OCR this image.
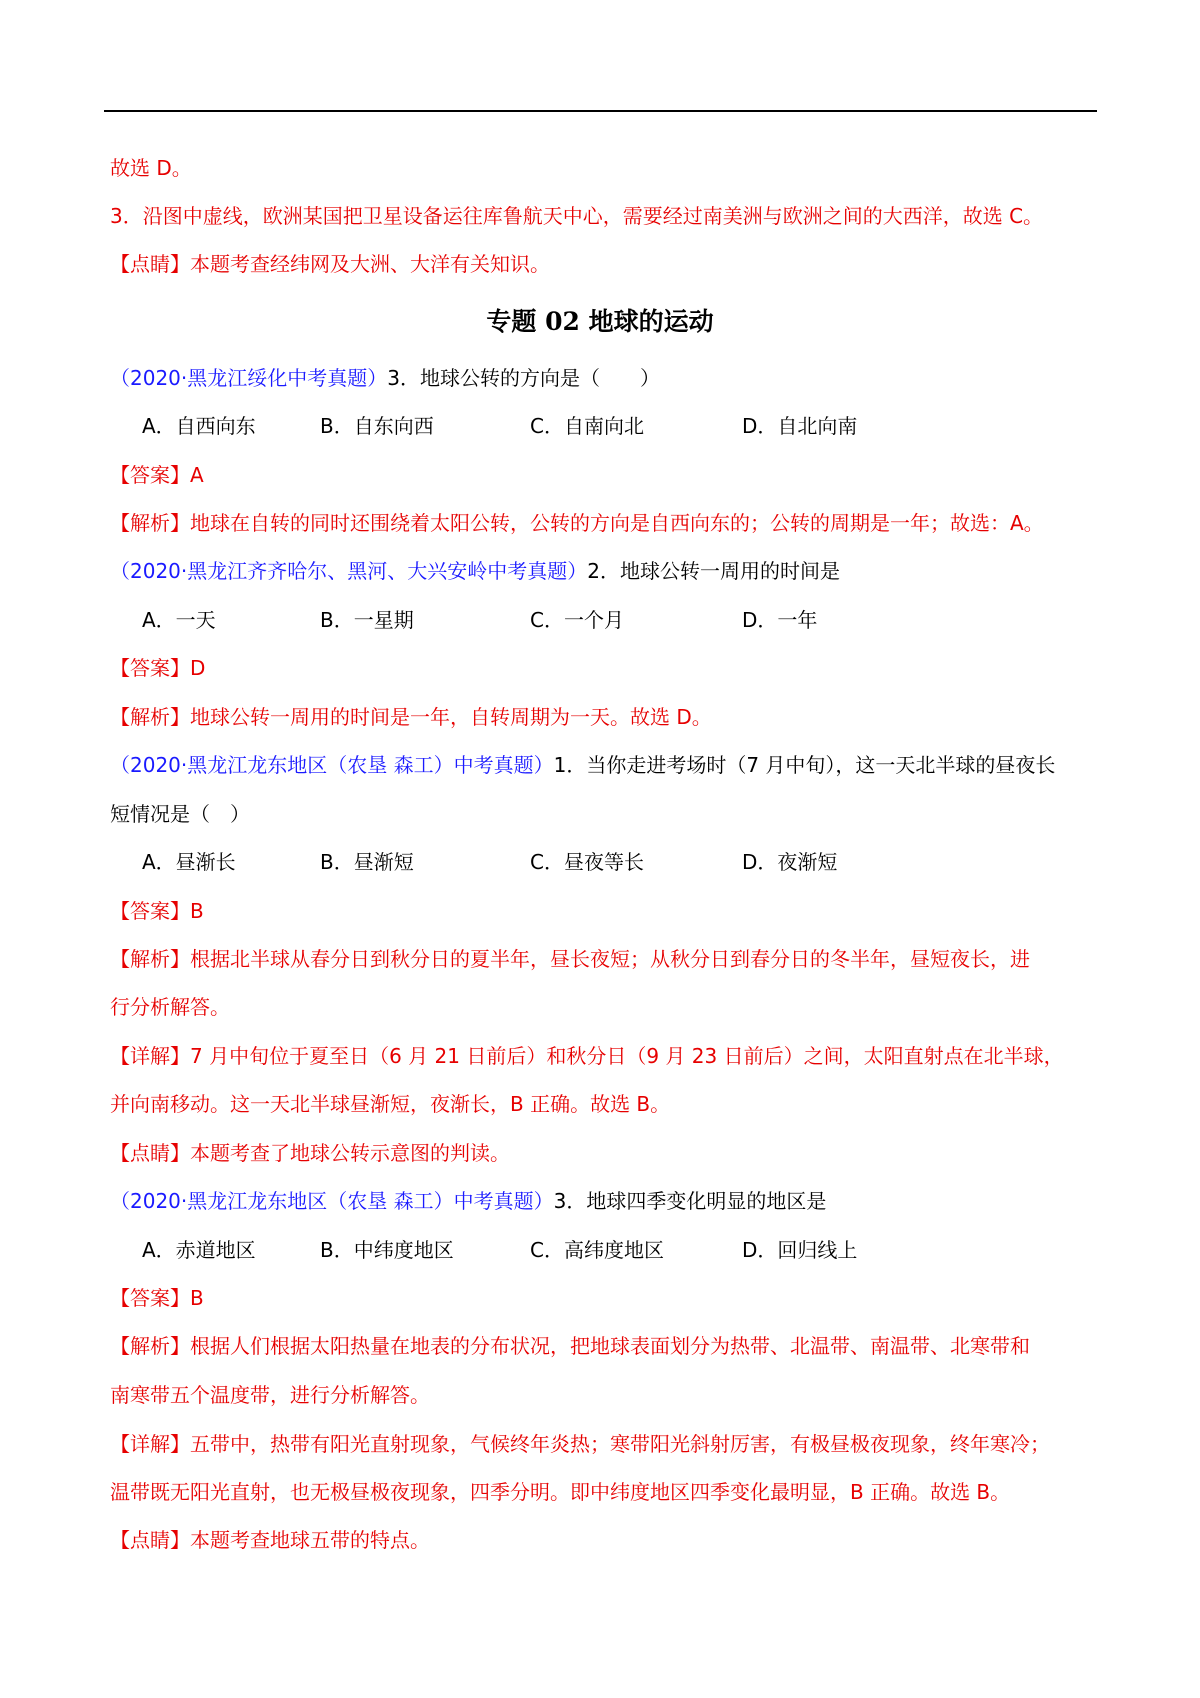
故选 D。

3．沿图中虚线，欧洲某国把卫星设备运往库鲁航天中心，需要经过南美洲与欧洲之间的大西洋，故选 C。

【点睛】本题考查经纬网及大洲、大洋有关知识。

专题 02 地球的运动

（2020·黑龙江绥化中考真题）3．地球公转的方向是（　　）

A．自西向东	B．自东向西	C．自南向北	D．自北向南

【答案】A

【解析】地球在自转的同时还围绕着太阳公转，公转的方向是自西向东的；公转的周期是一年；故选：A。

（2020·黑龙江齐齐哈尔、黑河、大兴安岭中考真题）2．地球公转一周用的时间是

A．一天	B．一星期	C．一个月	D．一年

【答案】D

【解析】地球公转一周用的时间是一年，自转周期为一天。故选 D。

（2020·黑龙江龙东地区（农垦 森工）中考真题）1．当你走进考场时（7 月中旬），这一天北半球的昼夜长

短情况是（　）

A．昼渐长	B．昼渐短	C．昼夜等长	D．夜渐短

【答案】B

【解析】根据北半球从春分日到秋分日的夏半年，昼长夜短；从秋分日到春分日的冬半年，昼短夜长，进

行分析解答。

【详解】7 月中旬位于夏至日（6 月 21 日前后）和秋分日（9 月 23 日前后）之间，太阳直射点在北半球，

并向南移动。这一天北半球昼渐短，夜渐长，B 正确。故选 B。

【点睛】本题考查了地球公转示意图的判读。

（2020·黑龙江龙东地区（农垦 森工）中考真题）3．地球四季变化明显的地区是

A．赤道地区	B．中纬度地区	C．高纬度地区	D．回归线上

【答案】B

【解析】根据人们根据太阳热量在地表的分布状况，把地球表面划分为热带、北温带、南温带、北寒带和

南寒带五个温度带，进行分析解答。

【详解】五带中，热带有阳光直射现象，气候终年炎热；寒带阳光斜射厉害，有极昼极夜现象，终年寒冷；

温带既无阳光直射，也无极昼极夜现象，四季分明。即中纬度地区四季变化最明显，B 正确。故选 B。

【点睛】本题考查地球五带的特点。
